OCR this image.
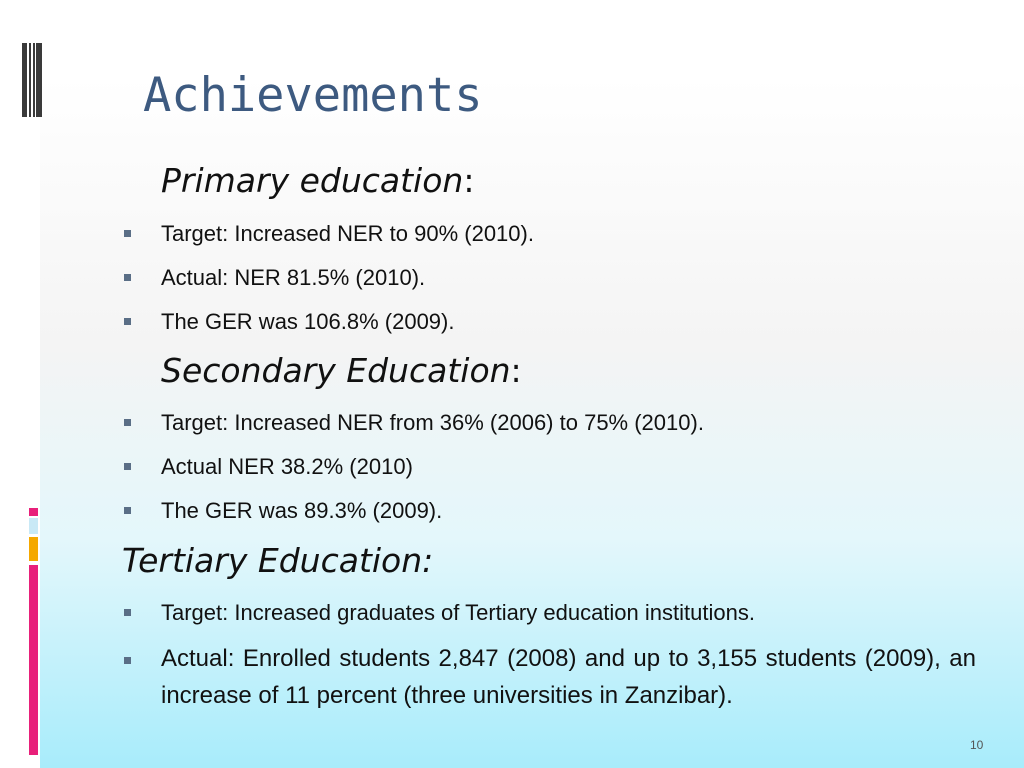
Achievements
Primary education:
Target: Increased NER to 90% (2010).
Actual: NER 81.5% (2010).
The GER was 106.8% (2009).
Secondary Education:
Target: Increased NER from 36% (2006) to 75% (2010).
Actual NER 38.2% (2010)
The GER was 89.3% (2009).
Tertiary Education:
Target: Increased graduates of Tertiary education institutions.
Actual: Enrolled students 2,847 (2008) and up to 3,155 students (2009), an increase of 11 percent (three universities in Zanzibar).
10
